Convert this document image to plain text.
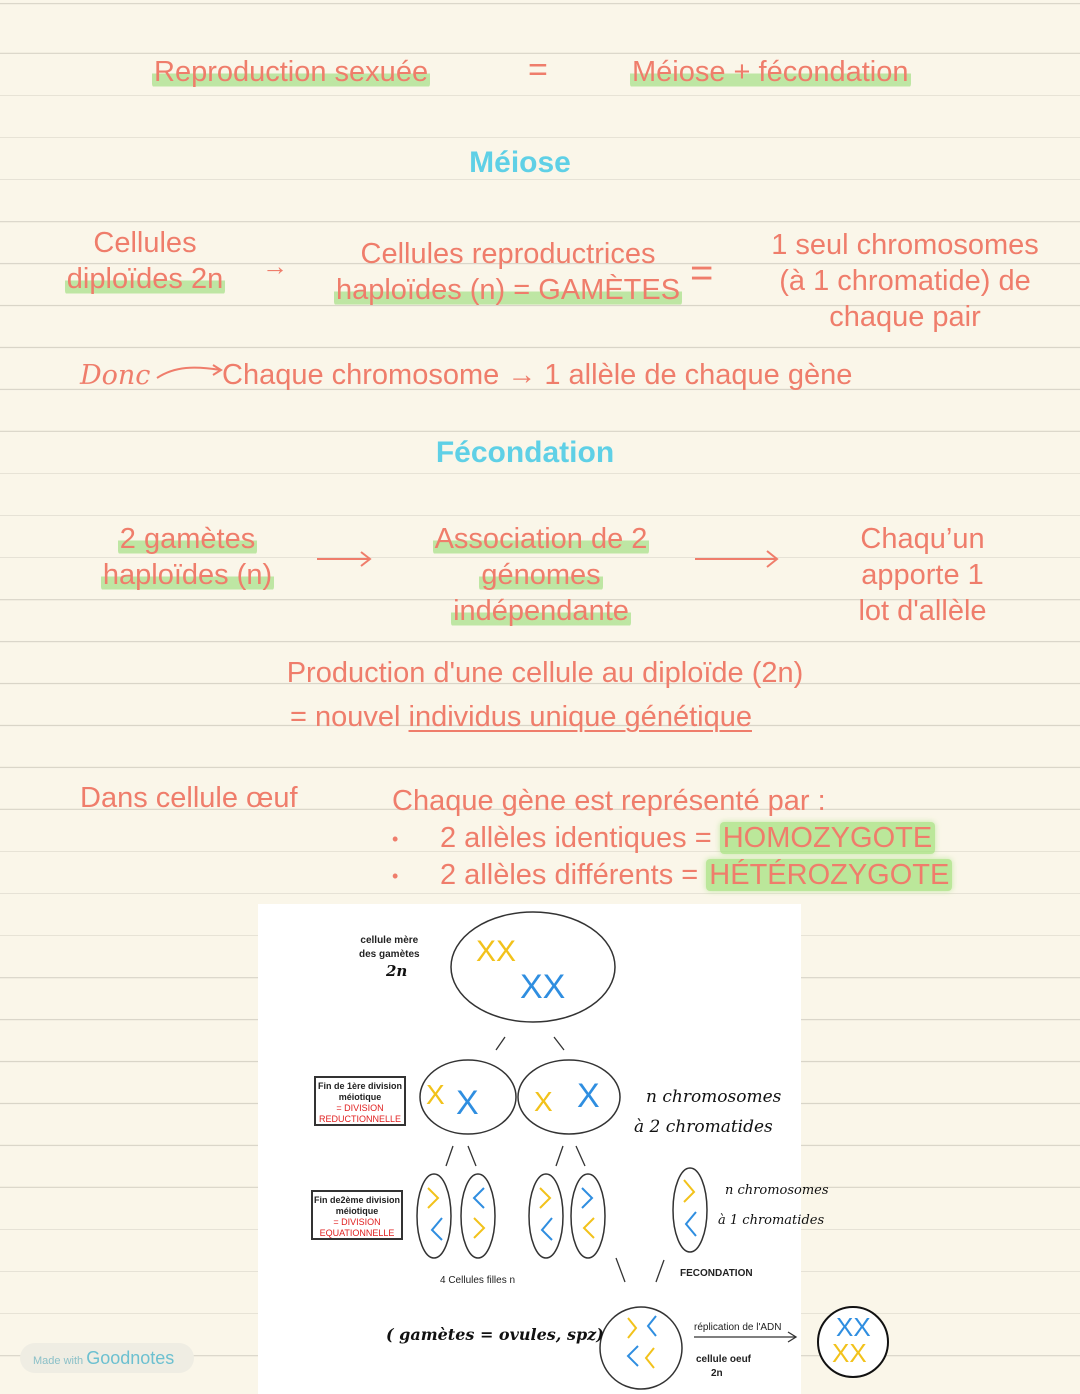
Reproduction sexuée	=	Méiose + fécondation
Méiose
Cellules
diploïdes 2n	→	Cellules reproductrices
haploïdes (n) = GAMÈTES =
1 seul chromosomes
(à 1 chromatide) de
chaque pair
Donc Chaque chromosome → 1 allèle de chaque gène
Fécondation
2 gamètes
haploïdes (n)
Association de 2
génomes
indépendante
Chaqu’un
apporte 1
lot d'allèle
Production d'une cellule au diploïde (2n)
= nouvel individus unique génétique
Dans cellule œuf	Chaque gène est représenté par :
• 2 allèles identiques = HOMOZYGOTE
• 2 allèles différents = HÉTÉROZYGOTE
cellule mère
des gamètes
2n
XX
XX
X X X X
Fin de 1ère division
méiotique
= DIVISION
REDUCTIONNELLE
Fin de2ème division
méiotique
= DIVISION
EQUATIONNELLE
n chromosomes
à 2 chromatides
n chromosomes
à 1 chromatides
4 Cellules filles n
FECONDATION
( gamètes = ovules, spz)	réplication de l'ADN
cellule oeuf
2n
XX
XX
Made with Goodnotes
